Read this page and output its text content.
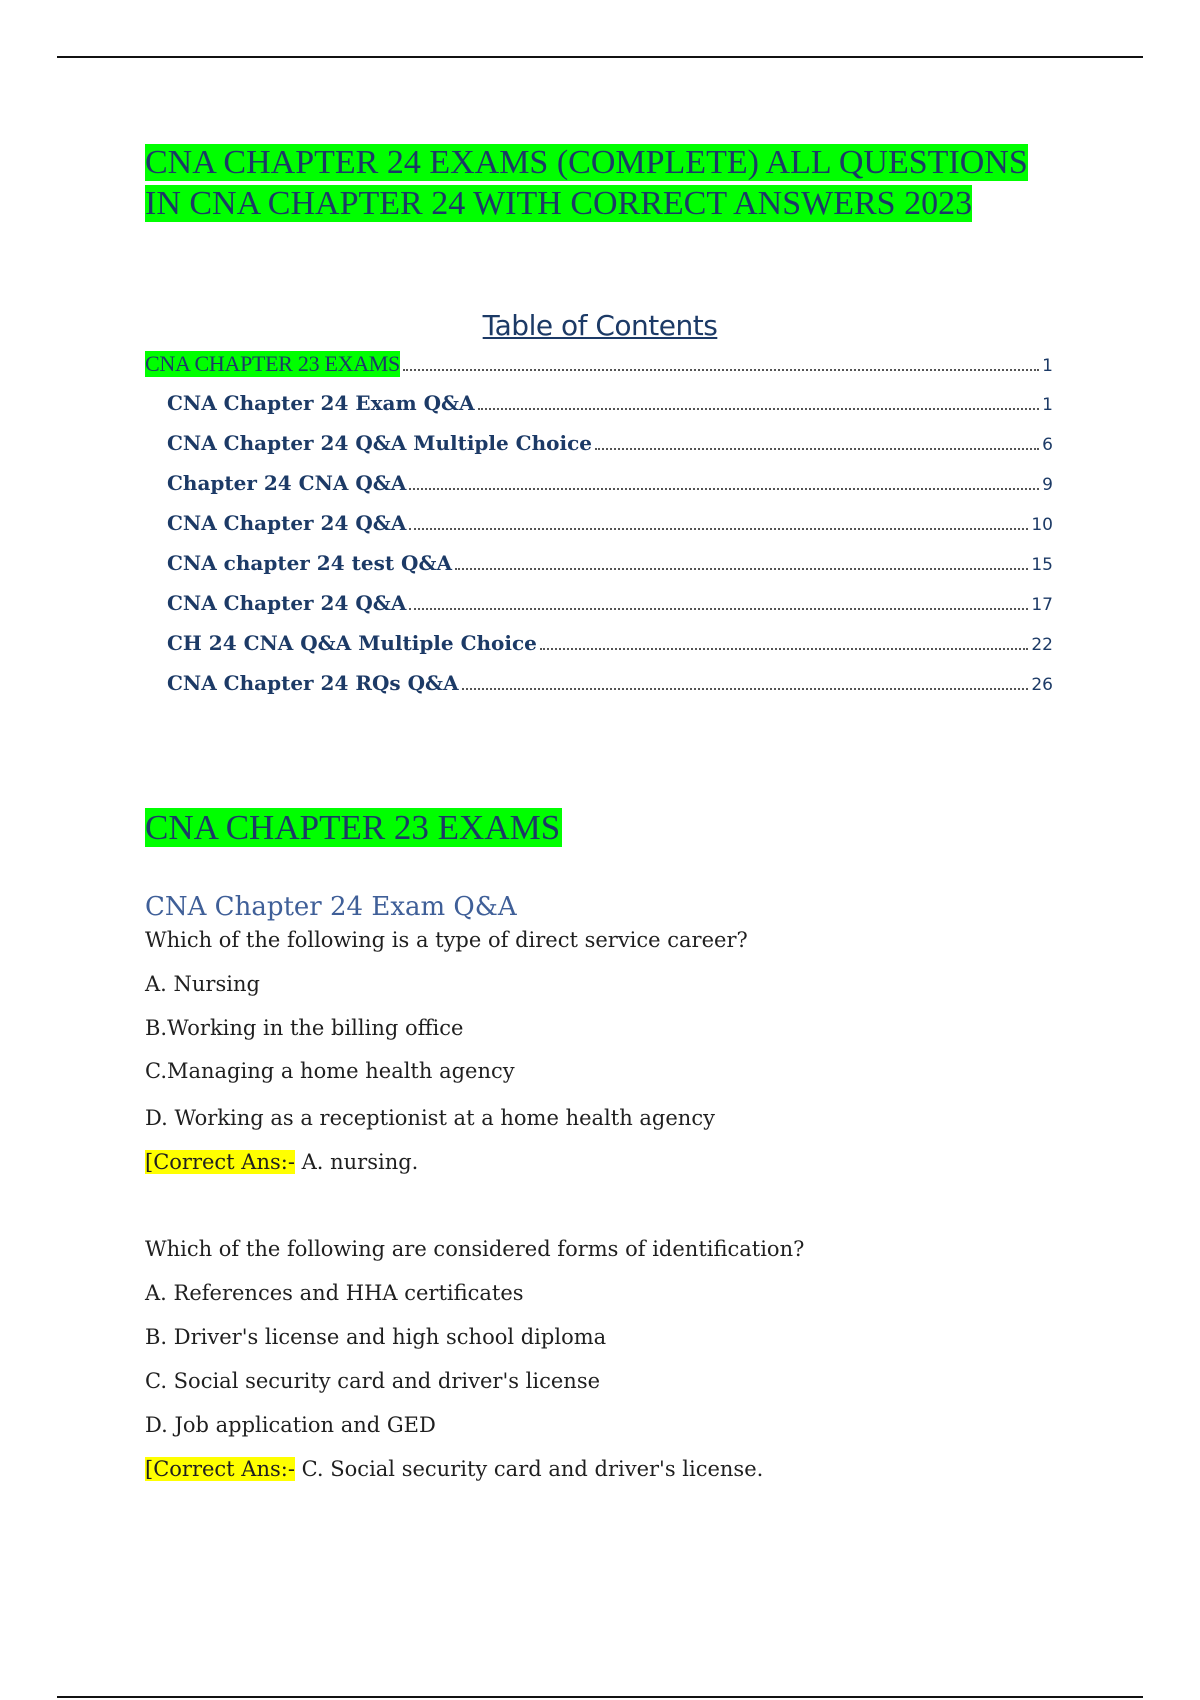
CNA CHAPTER 24 EXAMS (COMPLETE) ALL QUESTIONS
IN CNA CHAPTER 24 WITH CORRECT ANSWERS 2023
Table of Contents
CNA CHAPTER 23 EXAMS	1
CNA Chapter 24 Exam Q&A	1
CNA Chapter 24 Q&A Multiple Choice	6
Chapter 24 CNA Q&A	9
CNA Chapter 24 Q&A	10
CNA chapter 24 test Q&A	15
CNA Chapter 24 Q&A	17
CH 24 CNA Q&A Multiple Choice	22
CNA Chapter 24 RQs Q&A	26
CNA CHAPTER 23 EXAMS
CNA Chapter 24 Exam Q&A

Which of the following is a type of direct service career?

A. Nursing

B.Working in the billing office

C.Managing a home health agency

D. Working as a receptionist at a home health agency

[Correct Ans:- A. nursing.

Which of the following are considered forms of identification?

A. References and HHA certificates

B. Driver's license and high school diploma

C. Social security card and driver's license

D. Job application and GED

[Correct Ans:- C. Social security card and driver's license.
